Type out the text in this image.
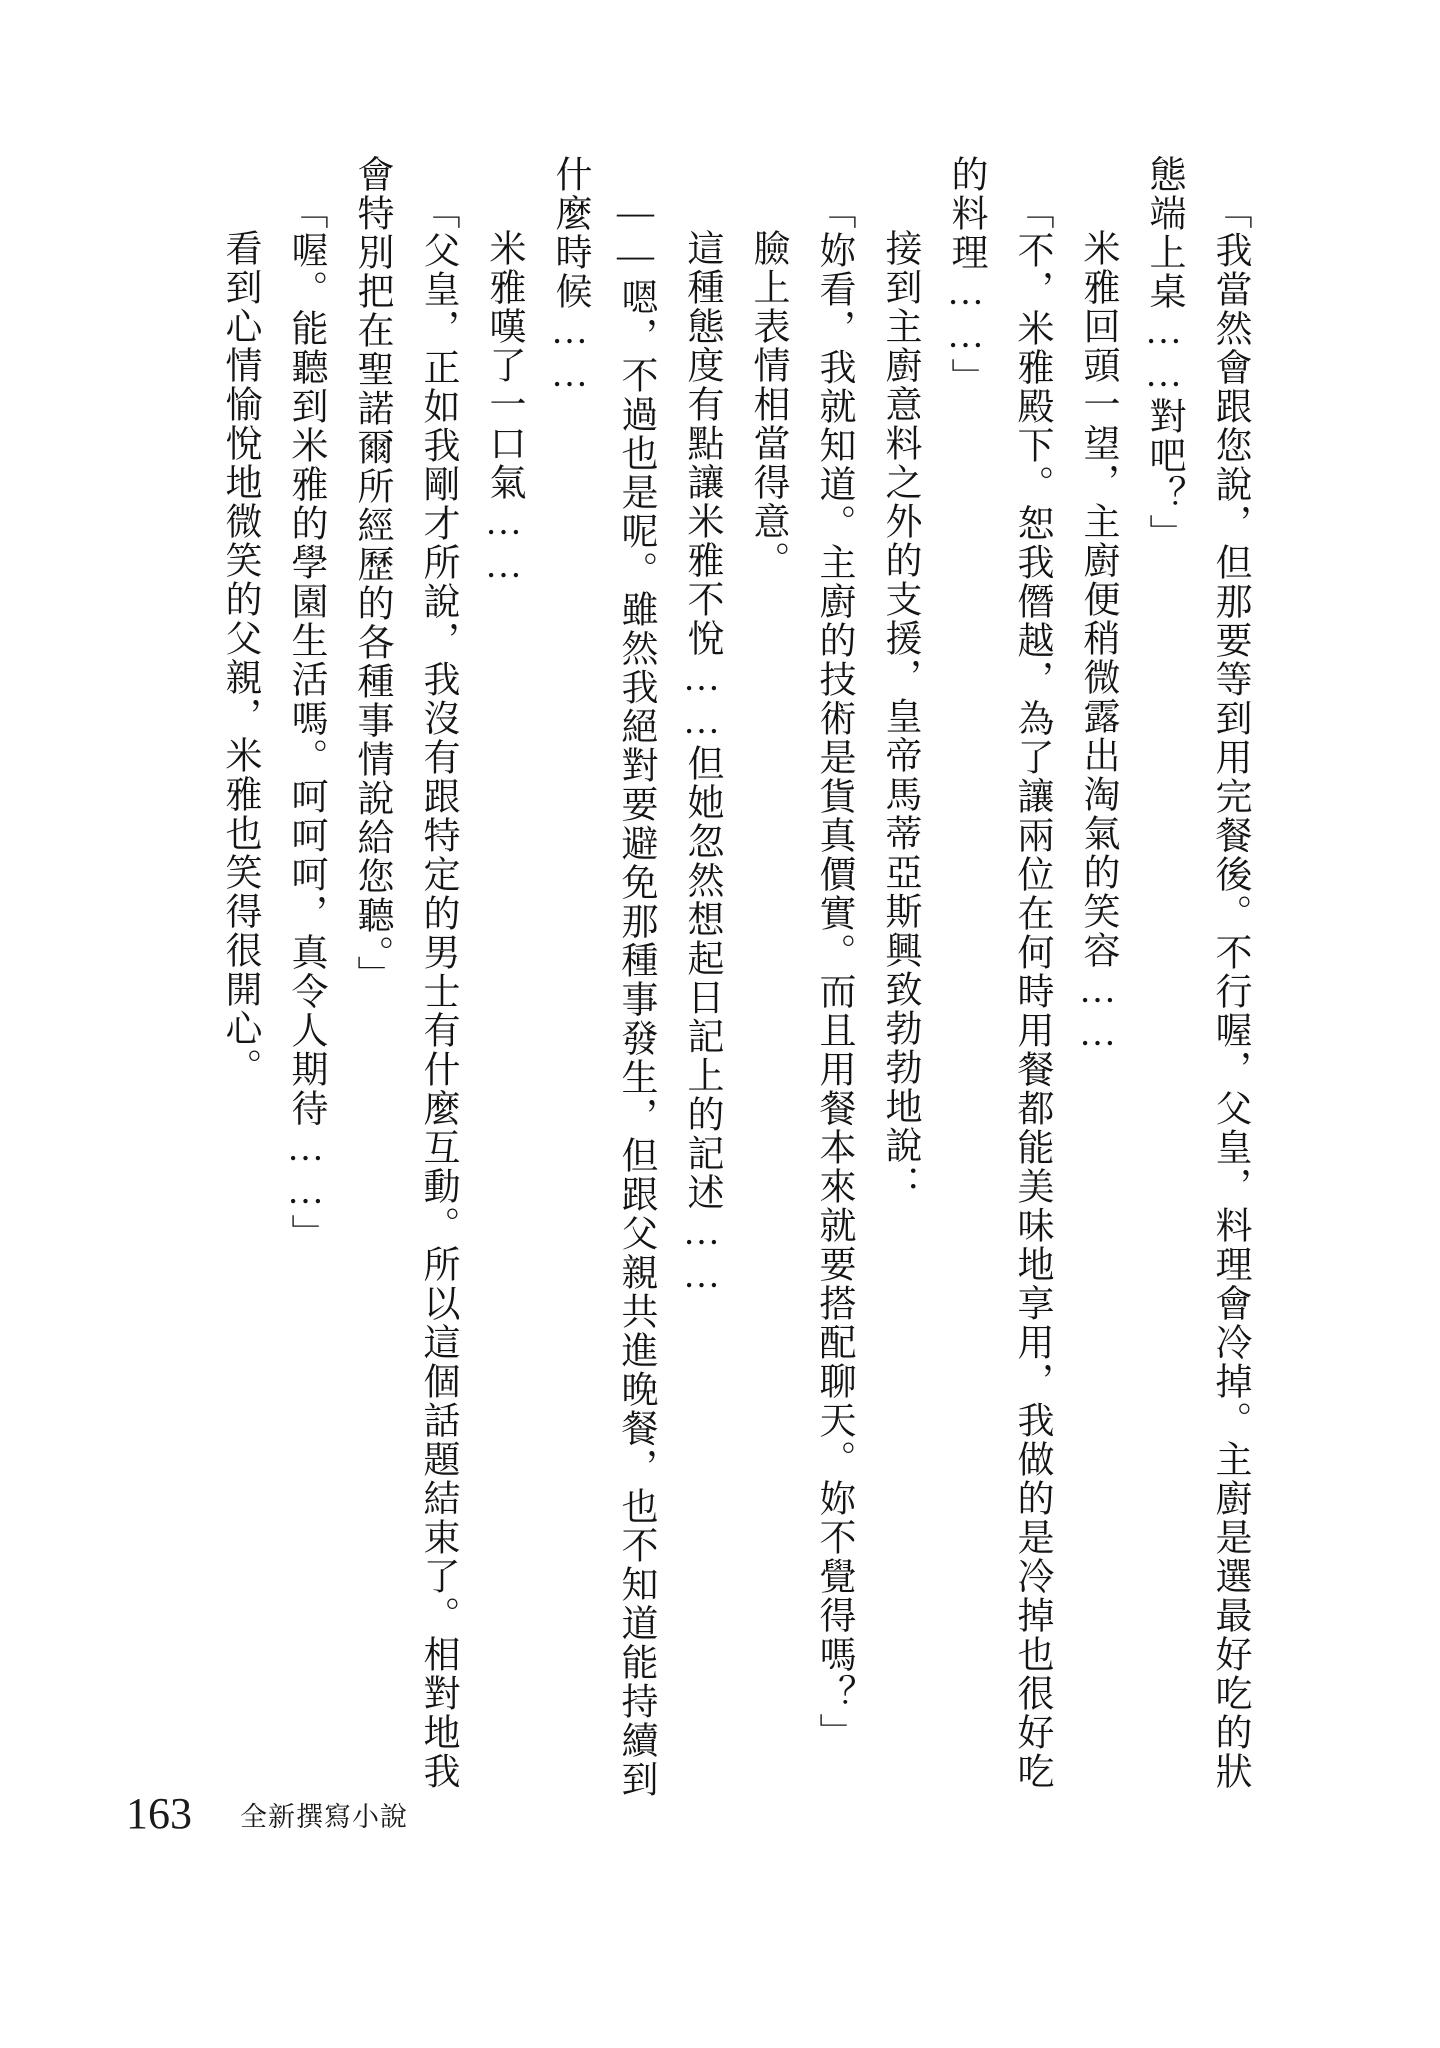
「我當然會跟您說，但那要等到用完餐後。不行喔，父皇，料理會冷掉。主廚是選最好吃的狀態端上桌……對吧？」

米雅回頭一望，主廚便稍微露出淘氣的笑容……

「不，米雅殿下。恕我僭越，為了讓兩位在何時用餐都能美味地享用，我做的是冷掉也很好吃的料理……」

接到主廚意料之外的支援，皇帝馬蒂亞斯興致勃勃地說：

「妳看，我就知道。主廚的技術是貨真價實。而且用餐本來就要搭配聊天。妳不覺得嗎？」

臉上表情相當得意。

這種態度有點讓米雅不悅……但她忽然想起日記上的記述……

——嗯，不過也是呢。雖然我絕對要避免那種事發生，但跟父親共進晚餐，也不知道能持續到什麼時候……

米雅嘆了一口氣……

「父皇，正如我剛才所說，我沒有跟特定的男士有什麼互動。所以這個話題結束了。相對地我會特別把在聖諾爾所經歷的各種事情說給您聽。」

「喔。能聽到米雅的學園生活嗎。呵呵呵，真令人期待……」

看到心情愉悅地微笑的父親，米雅也笑得很開心。

163 全新撰寫小說
